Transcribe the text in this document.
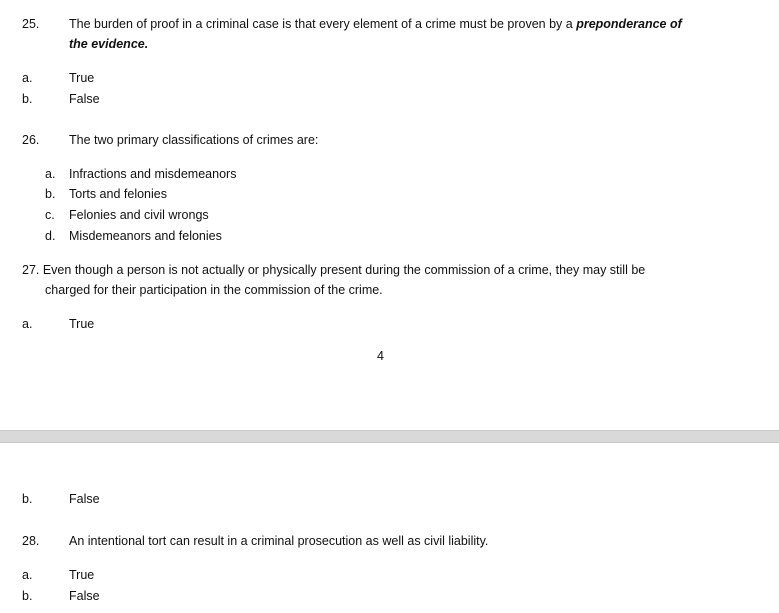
25. The burden of proof in a criminal case is that every element of a crime must be proven by a preponderance of
the evidence.
a.	True
b.	False
26. The two primary classifications of crimes are:
a. Infractions and misdemeanors
b. Torts and felonies
c. Felonies and civil wrongs
d. Misdemeanors and felonies
27. Even though a person is not actually or physically present during the commission of a crime, they may still be
charged for their participation in the commission of the crime.
a.	True
4
b.	False
28. An intentional tort can result in a criminal prosecution as well as civil liability.
a.	True
b.	False
